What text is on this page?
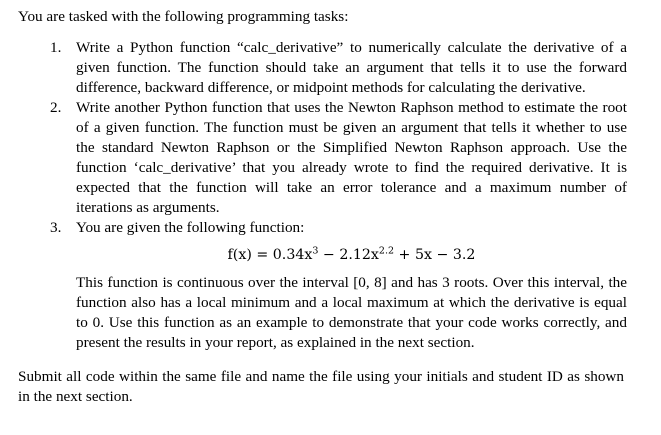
You are tasked with the following programming tasks:
1. Write a Python function “calc_derivative” to numerically calculate the derivative of a given function. The function should take an argument that tells it to use the forward difference, backward difference, or midpoint methods for calculating the derivative.
2. Write another Python function that uses the Newton Raphson method to estimate the root of a given function. The function must be given an argument that tells it whether to use the standard Newton Raphson or the Simplified Newton Raphson approach. Use the function ‘calc_derivative’ that you already wrote to find the required derivative. It is expected that the function will take an error tolerance and a maximum number of iterations as arguments.
3. You are given the following function:
$f(x) = 0.34x^3 - 2.12x^{2.2} + 5x - 3.2$
This function is continuous over the interval [0, 8] and has 3 roots. Over this interval, the function also has a local minimum and a local maximum at which the derivative is equal to 0. Use this function as an example to demonstrate that your code works correctly, and present the results in your report, as explained in the next section.
Submit all code within the same file and name the file using your initials and student ID as shown in the next section.
